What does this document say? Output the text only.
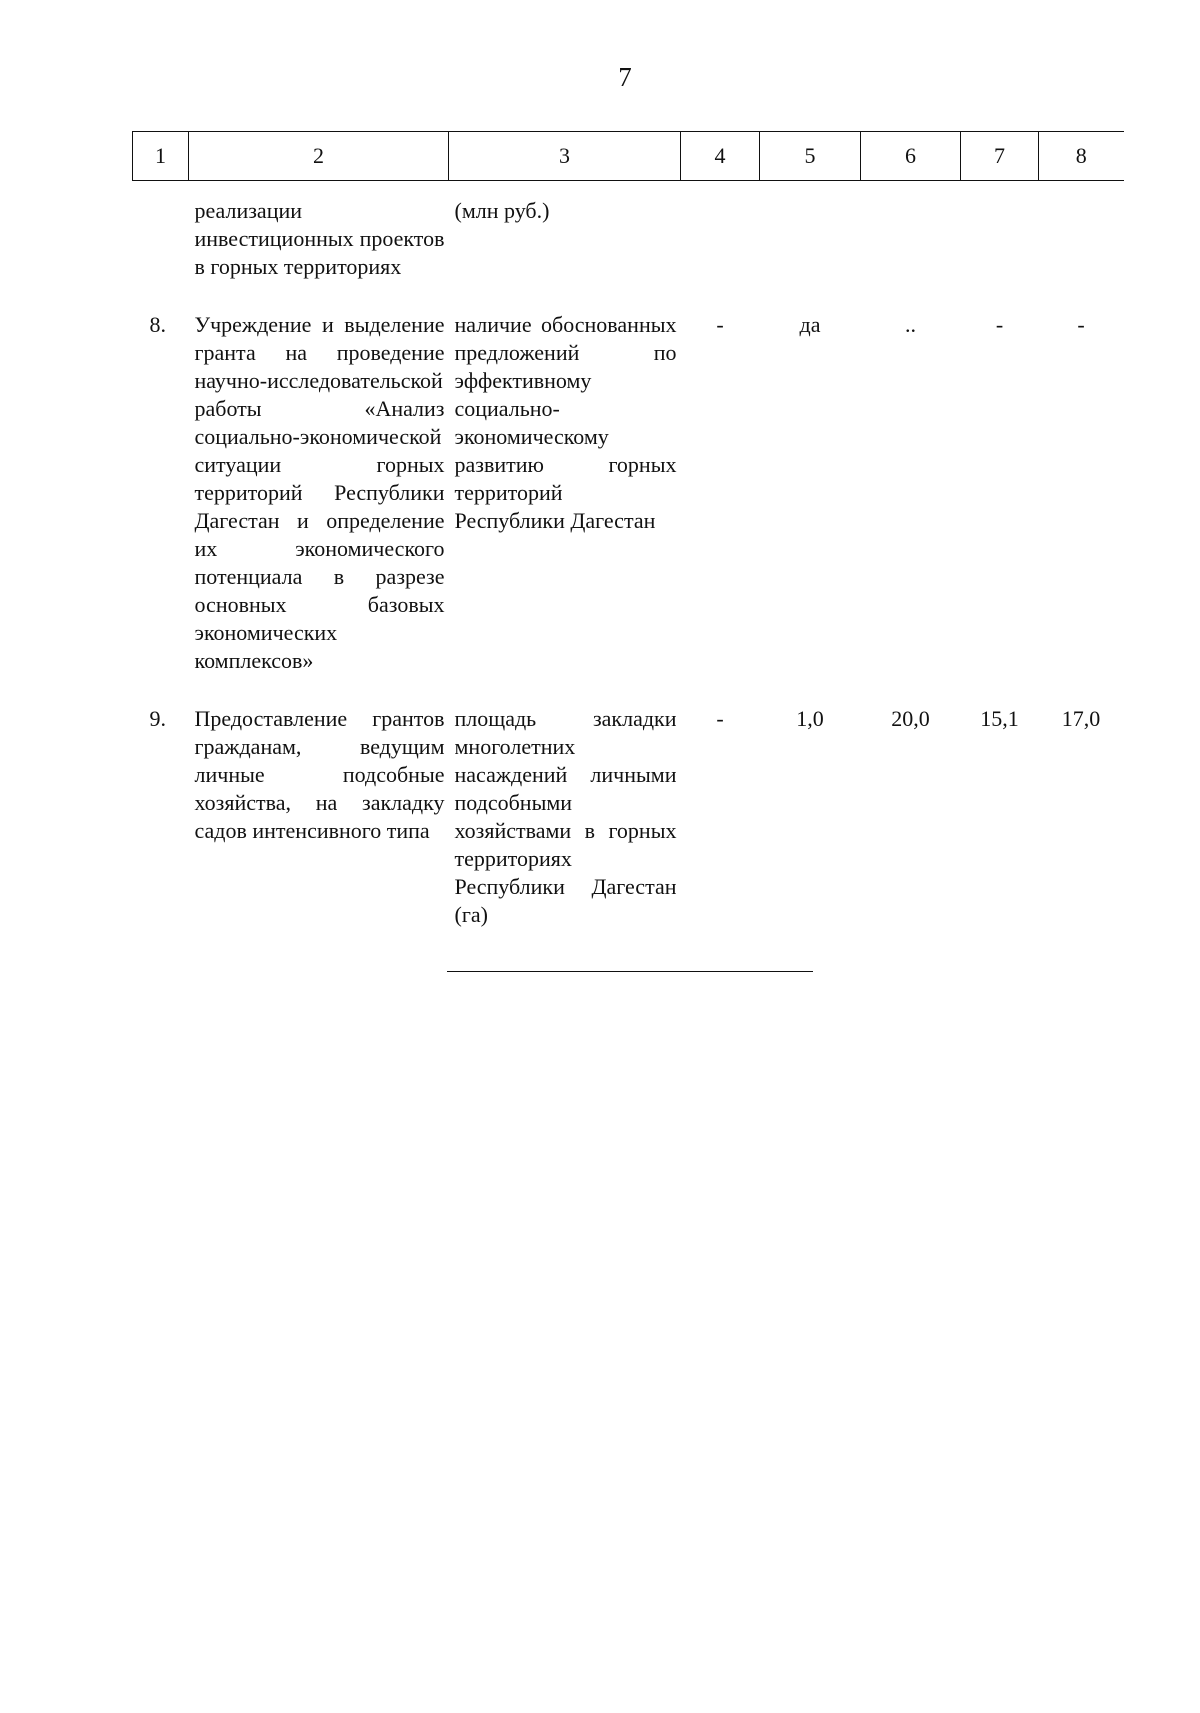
7
1	2	3	4	5	6	7	8
	реализации инвестиционных проектов в горных территориях	(млн руб.)					
8.	Учреждение и выделение гранта на проведение научно-исследовательской работы «Анализ социально-экономической ситуации горных территорий Республики Дагестан и определение их экономического потенциала в разрезе основных базовых экономических комплексов»	наличие обоснованных предложений по эффективному социально-экономическому развитию горных территорий Республики Дагестан	-	да	..	-	-
9.	Предоставление грантов гражданам, ведущим личные подсобные хозяйства, на закладку садов интенсивного типа	площадь закладки многолетних насаждений личными подсобными хозяйствами в горных территориях Республики Дагестан (га)	-	1,0	20,0	15,1	17,0
